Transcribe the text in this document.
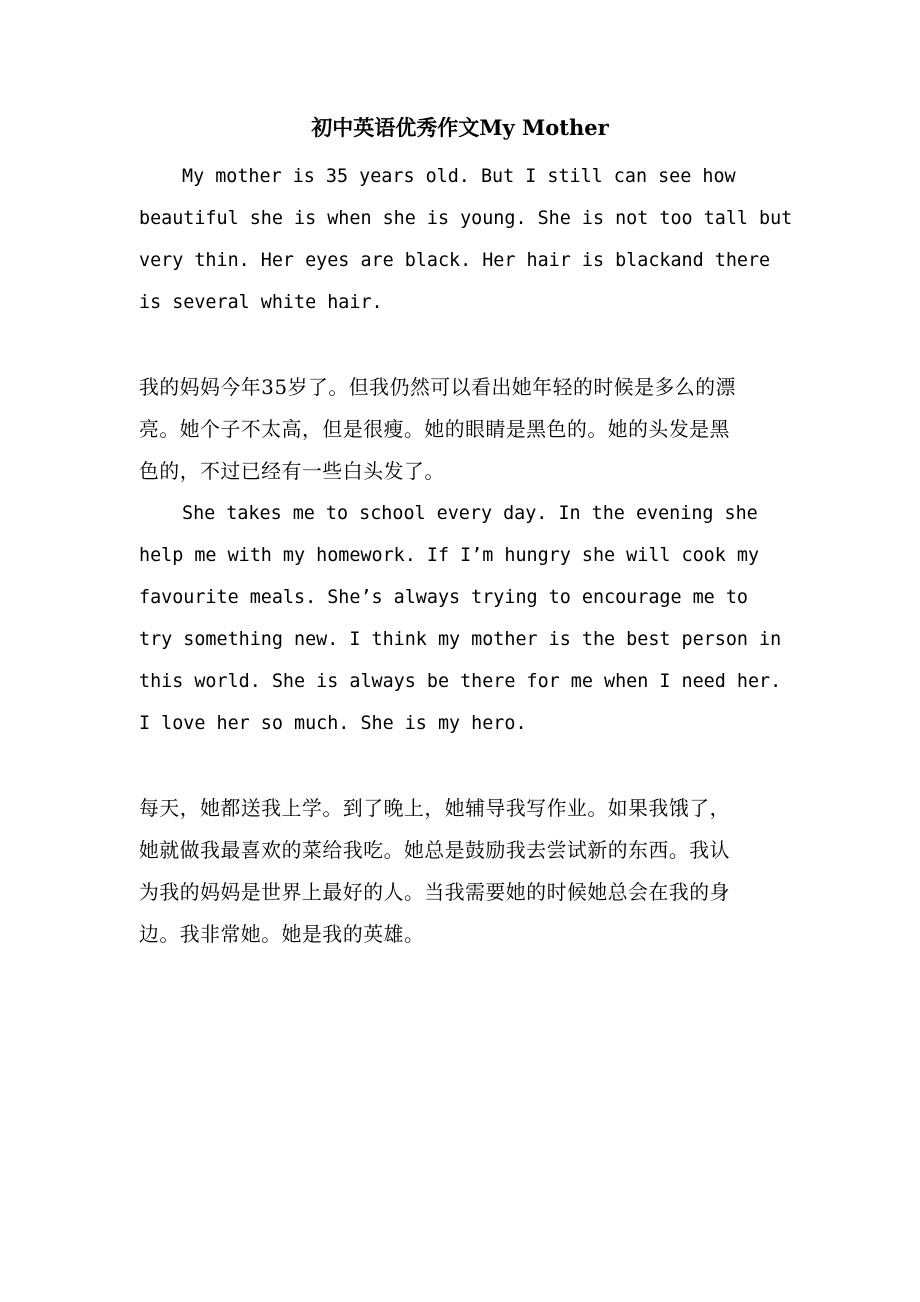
初中英语优秀作文My Mother
My mother is 35 years old. But I still can see how
beautiful she is when she is young. She is not too tall but
very thin. Her eyes are black. Her hair is blackand there
is several white hair.
我的妈妈今年35岁了。但我仍然可以看出她年轻的时候是多么的漂
亮。她个子不太高，但是很瘦。她的眼睛是黑色的。她的头发是黑
色的，不过已经有一些白头发了。
She takes me to school every day. In the evening she
help me with my homework. If I’m hungry she will cook my
favourite meals. She’s always trying to encourage me to
try something new. I think my mother is the best person in
this world. She is always be there for me when I need her.
I love her so much. She is my hero.
每天，她都送我上学。到了晚上，她辅导我写作业。如果我饿了，
她就做我最喜欢的菜给我吃。她总是鼓励我去尝试新的东西。我认
为我的妈妈是世界上最好的人。当我需要她的时候她总会在我的身
边。我非常她。她是我的英雄。
